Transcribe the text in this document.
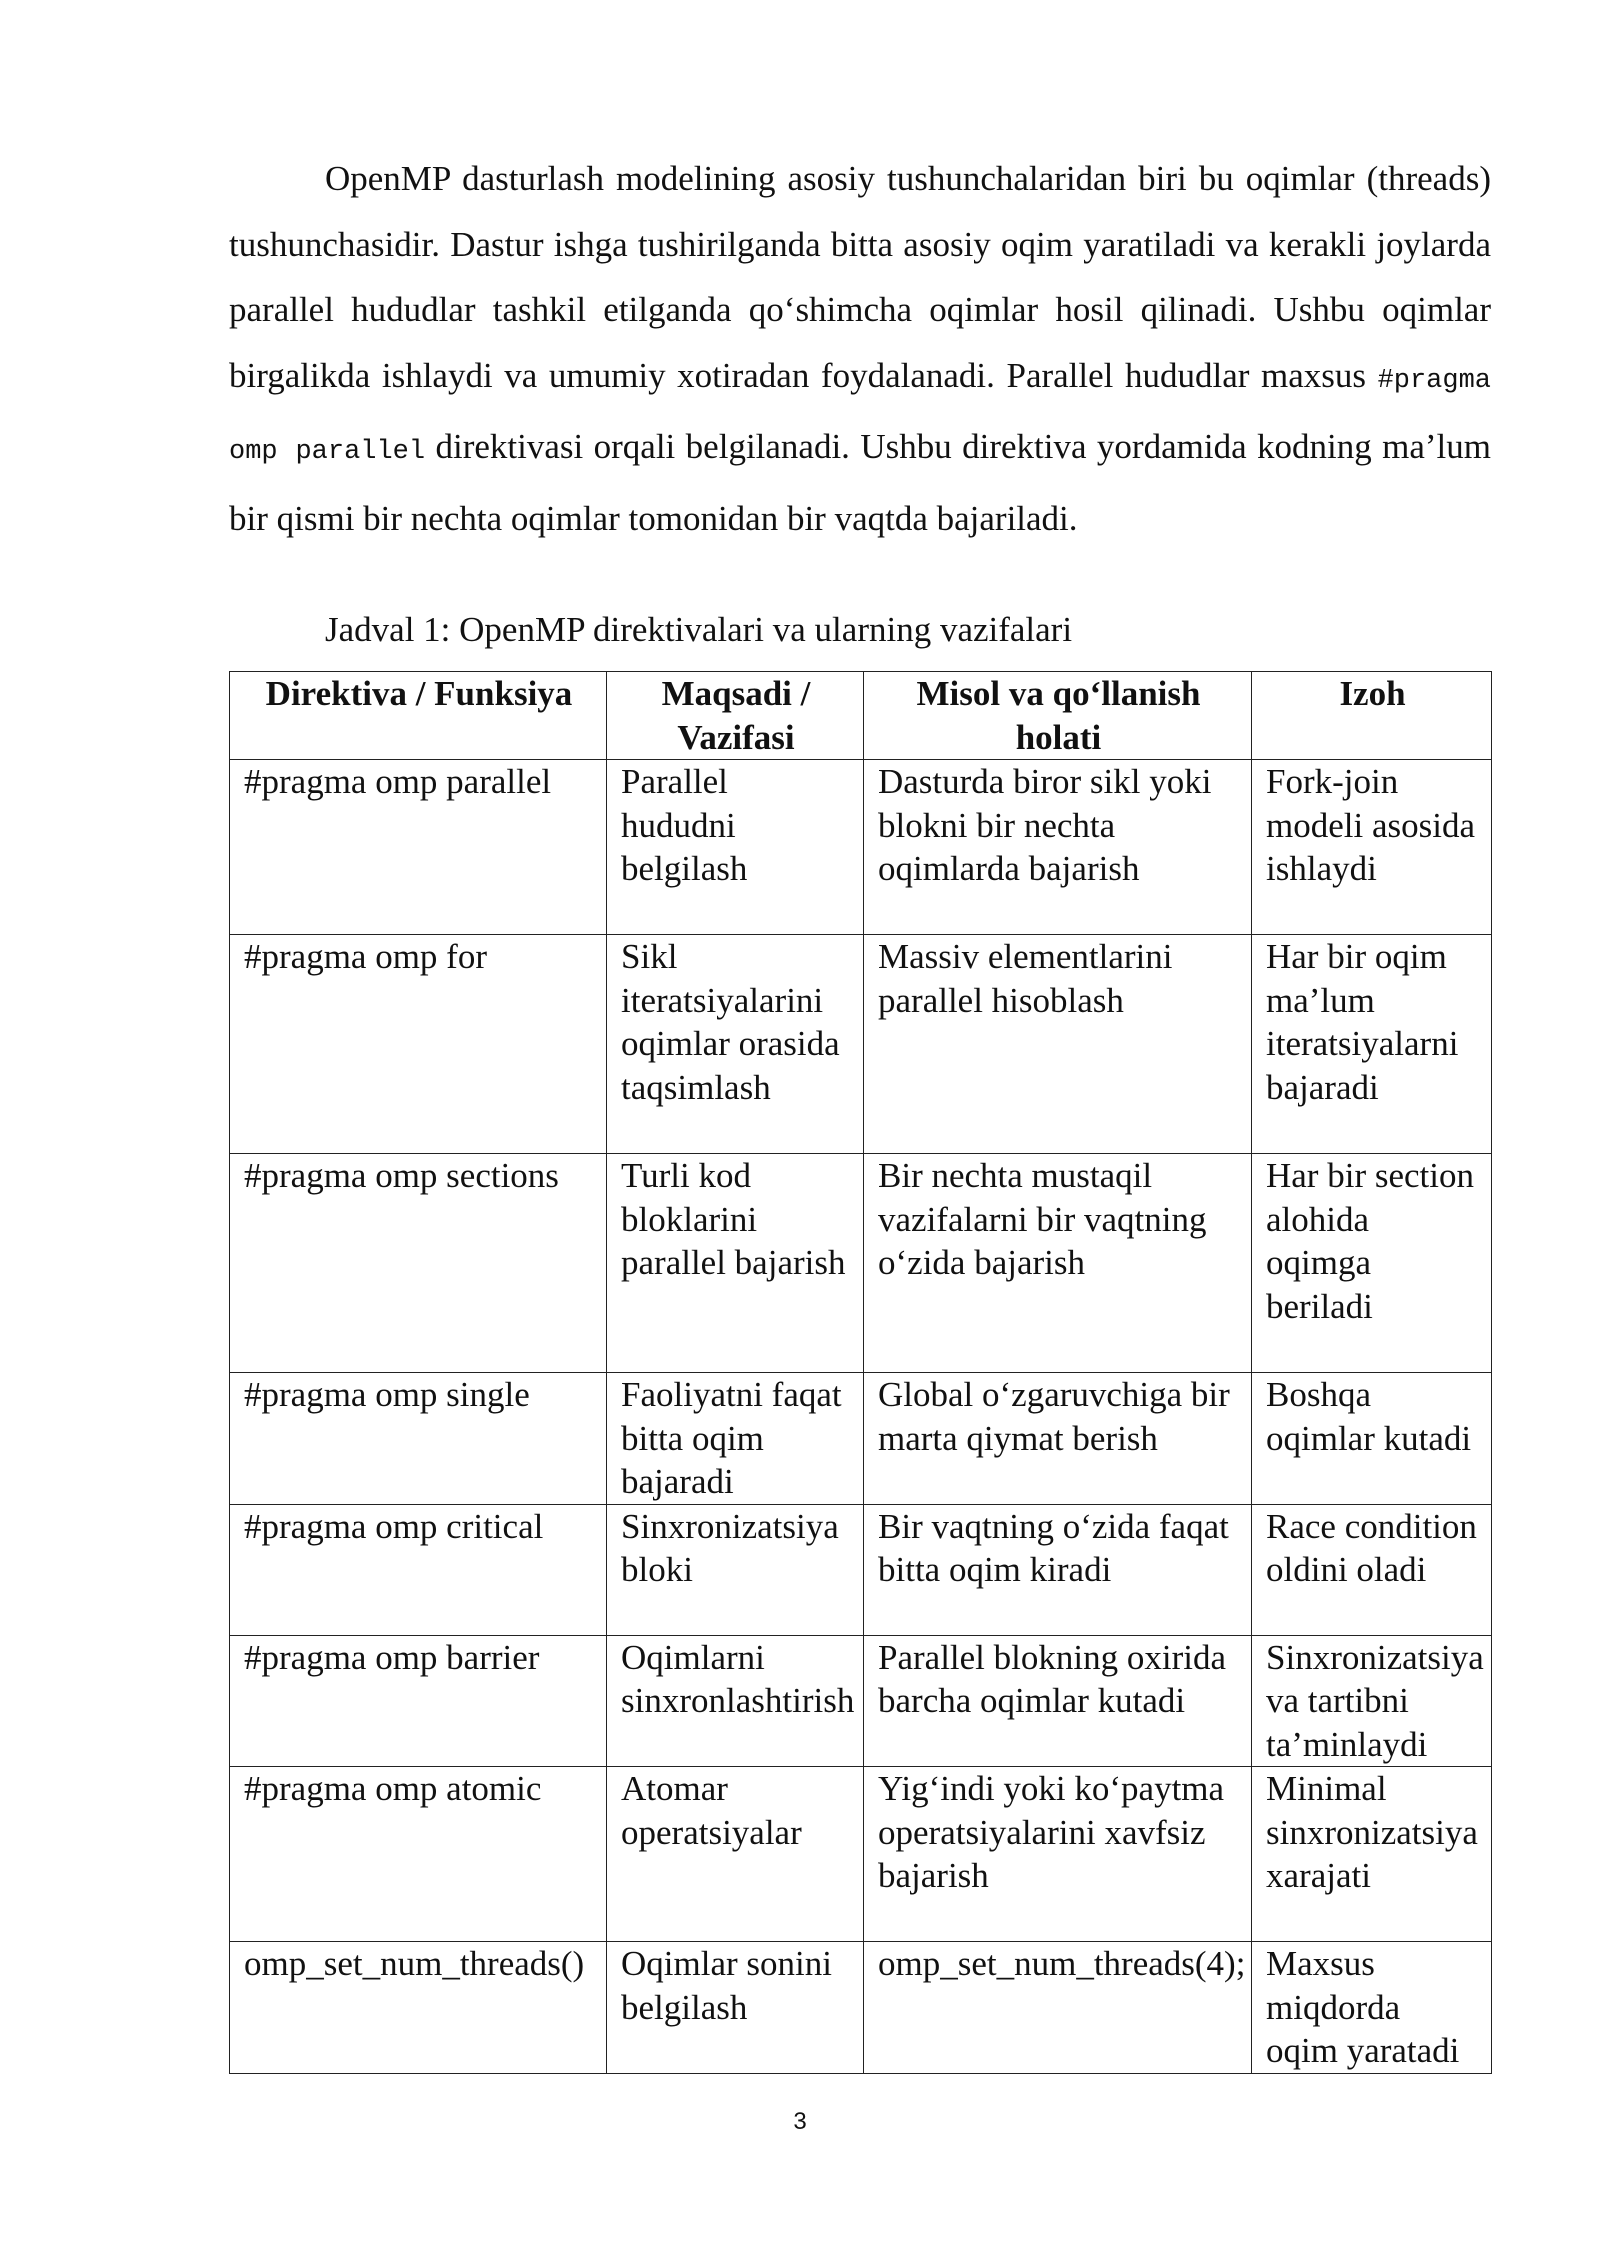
OpenMP dasturlash modelining asosiy tushunchalaridan biri bu oqimlar (threads) tushunchasidir. Dastur ishga tushirilganda bitta asosiy oqim yaratiladi va kerakli joylarda parallel hududlar tashkil etilganda qo‘shimcha oqimlar hosil qilinadi. Ushbu oqimlar birgalikda ishlaydi va umumiy xotiradan foydalanadi. Parallel hududlar maxsus #pragma omp parallel direktivasi orqali belgilanadi. Ushbu direktiva yordamida kodning ma’lum bir qismi bir nechta oqimlar tomonidan bir vaqtda bajariladi.

Jadval 1: OpenMP direktivalari va ularning vazifalari

Direktiva / Funksiya	Maqsadi / Vazifasi	Misol va qo‘llanish holati	Izoh
#pragma omp parallel	Parallel hududni belgilash	Dasturda biror sikl yoki blokni bir nechta oqimlarda bajarish	Fork-join modeli asosida ishlaydi
#pragma omp for	Sikl iteratsiyalarini oqimlar orasida taqsimlash	Massiv elementlarini parallel hisoblash	Har bir oqim ma’lum iteratsiyalarni bajaradi
#pragma omp sections	Turli kod bloklarini parallel bajarish	Bir nechta mustaqil vazifalarni bir vaqtning o‘zida bajarish	Har bir section alohida oqimga beriladi
#pragma omp single	Faoliyatni faqat bitta oqim bajaradi	Global o‘zgaruvchiga bir marta qiymat berish	Boshqa oqimlar kutadi
#pragma omp critical	Sinxronizatsiya bloki	Bir vaqtning o‘zida faqat bitta oqim kiradi	Race condition oldini oladi
#pragma omp barrier	Oqimlarni sinxronlashtirish	Parallel blokning oxirida barcha oqimlar kutadi	Sinxronizatsiya va tartibni ta’minlaydi
#pragma omp atomic	Atomar operatsiyalar	Yig‘indi yoki ko‘paytma operatsiyalarini xavfsiz bajarish	Minimal sinxronizatsiya xarajati
omp_set_num_threads()	Oqimlar sonini belgilash	omp_set_num_threads(4);	Maxsus miqdorda oqim yaratadi
3
